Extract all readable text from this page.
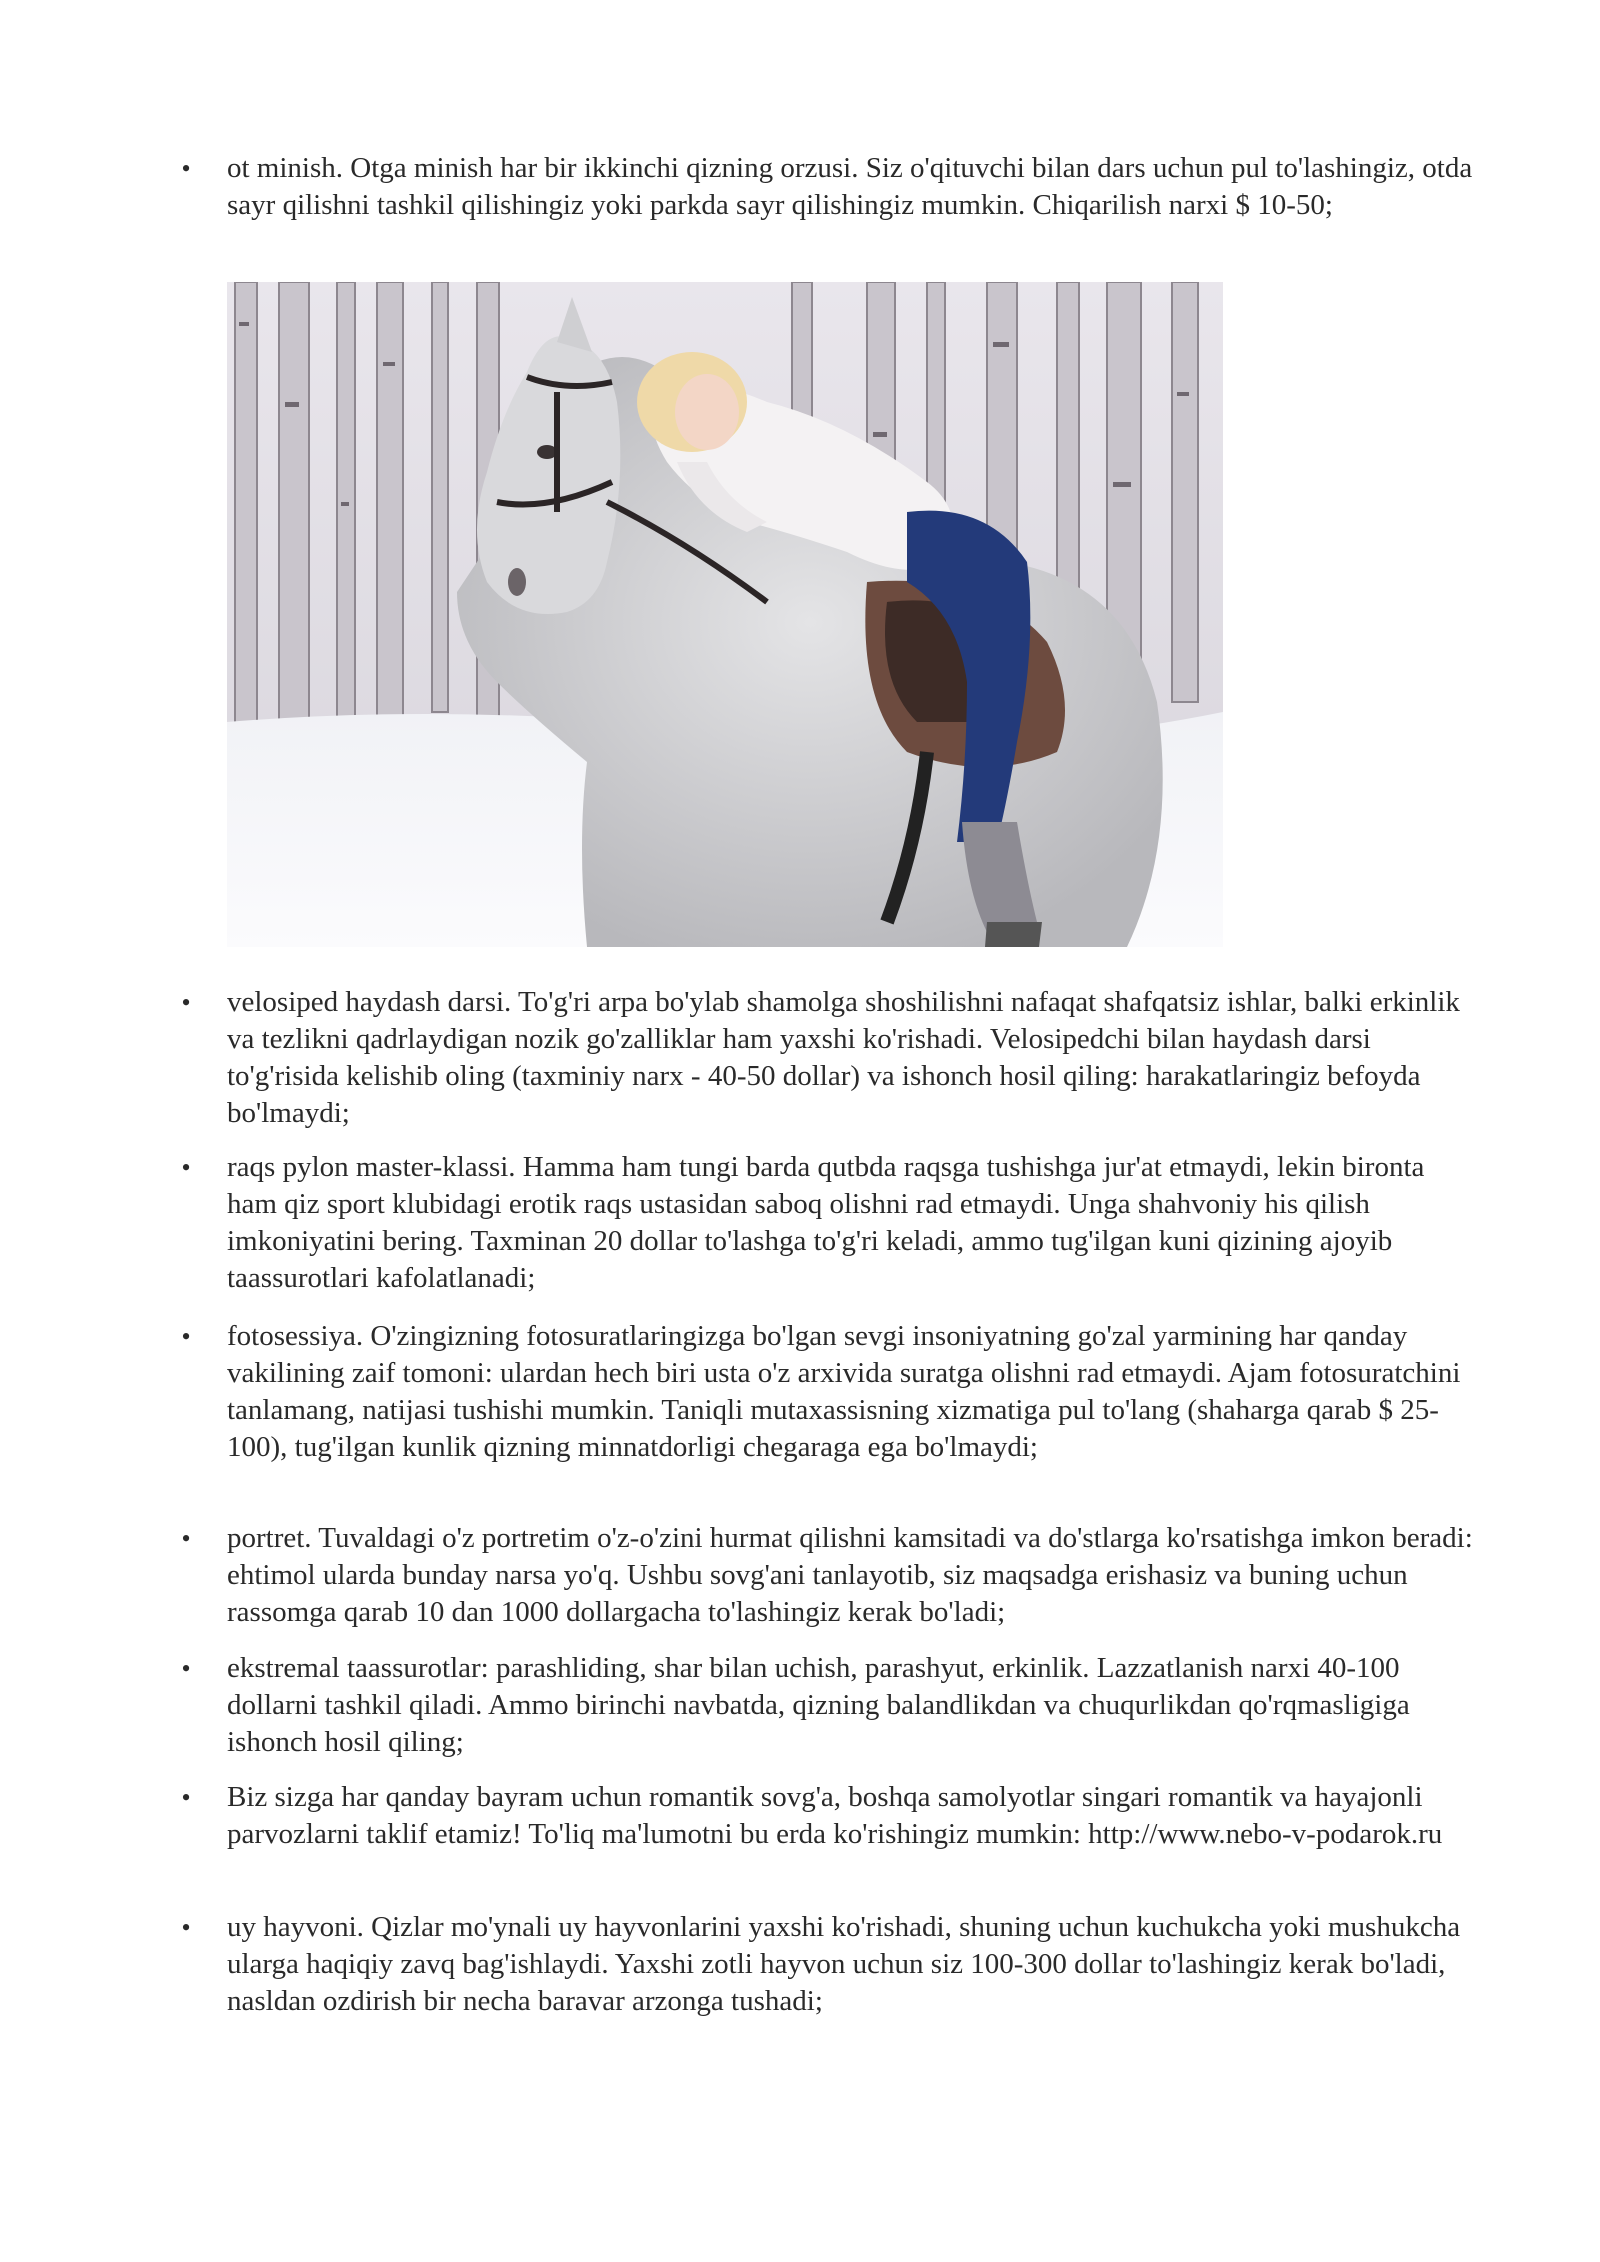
•
ot minish. Otga minish har bir ikkinchi qizning orzusi. Siz o'qituvchi bilan dars uchun pul to'lashingiz, otda sayr qilishni tashkil qilishingiz yoki parkda sayr qilishingiz mumkin. Chiqarilish narxi $ 10-50;
•
velosiped haydash darsi. To'g'ri arpa bo'ylab shamolga shoshilishni nafaqat shafqatsiz ishlar, balki erkinlik va tezlikni qadrlaydigan nozik go'zalliklar ham yaxshi ko'rishadi. Velosipedchi bilan haydash darsi to'g'risida kelishib oling (taxminiy narx - 40-50 dollar) va ishonch hosil qiling: harakatlaringiz befoyda bo'lmaydi;
•
raqs pylon master-klassi. Hamma ham tungi barda qutbda raqsga tushishga jur'at etmaydi, lekin bironta ham qiz sport klubidagi erotik raqs ustasidan saboq olishni rad etmaydi. Unga shahvoniy his qilish imkoniyatini bering. Taxminan 20 dollar to'lashga to'g'ri keladi, ammo tug'ilgan kuni qizining ajoyib taassurotlari kafolatlanadi;
•
fotosessiya. O'zingizning fotosuratlaringizga bo'lgan sevgi insoniyatning go'zal yarmining har qanday vakilining zaif tomoni: ulardan hech biri usta o'z arxivida suratga olishni rad etmaydi. Ajam fotosuratchini tanlamang, natijasi tushishi mumkin. Taniqli mutaxassisning xizmatiga pul to'lang (shaharga qarab $ 25-100), tug'ilgan kunlik qizning minnatdorligi chegaraga ega bo'lmaydi;
•
portret. Tuvaldagi o'z portretim o'z-o'zini hurmat qilishni kamsitadi va do'stlarga ko'rsatishga imkon beradi: ehtimol ularda bunday narsa yo'q. Ushbu sovg'ani tanlayotib, siz maqsadga erishasiz va buning uchun rassomga qarab 10 dan 1000 dollargacha to'lashingiz kerak bo'ladi;
•
ekstremal taassurotlar: parashliding, shar bilan uchish, parashyut, erkinlik. Lazzatlanish narxi 40-100 dollarni tashkil qiladi. Ammo birinchi navbatda, qizning balandlikdan va chuqurlikdan qo'rqmasligiga ishonch hosil qiling;
•
Biz sizga har qanday bayram uchun romantik sovg'a, boshqa samolyotlar singari romantik va hayajonli parvozlarni taklif etamiz! To'liq ma'lumotni bu erda ko'rishingiz mumkin: http://www.nebo-v-podarok.ru
•
uy hayvoni. Qizlar mo'ynali uy hayvonlarini yaxshi ko'rishadi, shuning uchun kuchukcha yoki mushukcha ularga haqiqiy zavq bag'ishlaydi. Yaxshi zotli hayvon uchun siz 100-300 dollar to'lashingiz kerak bo'ladi, nasldan ozdirish bir necha baravar arzonga tushadi;
